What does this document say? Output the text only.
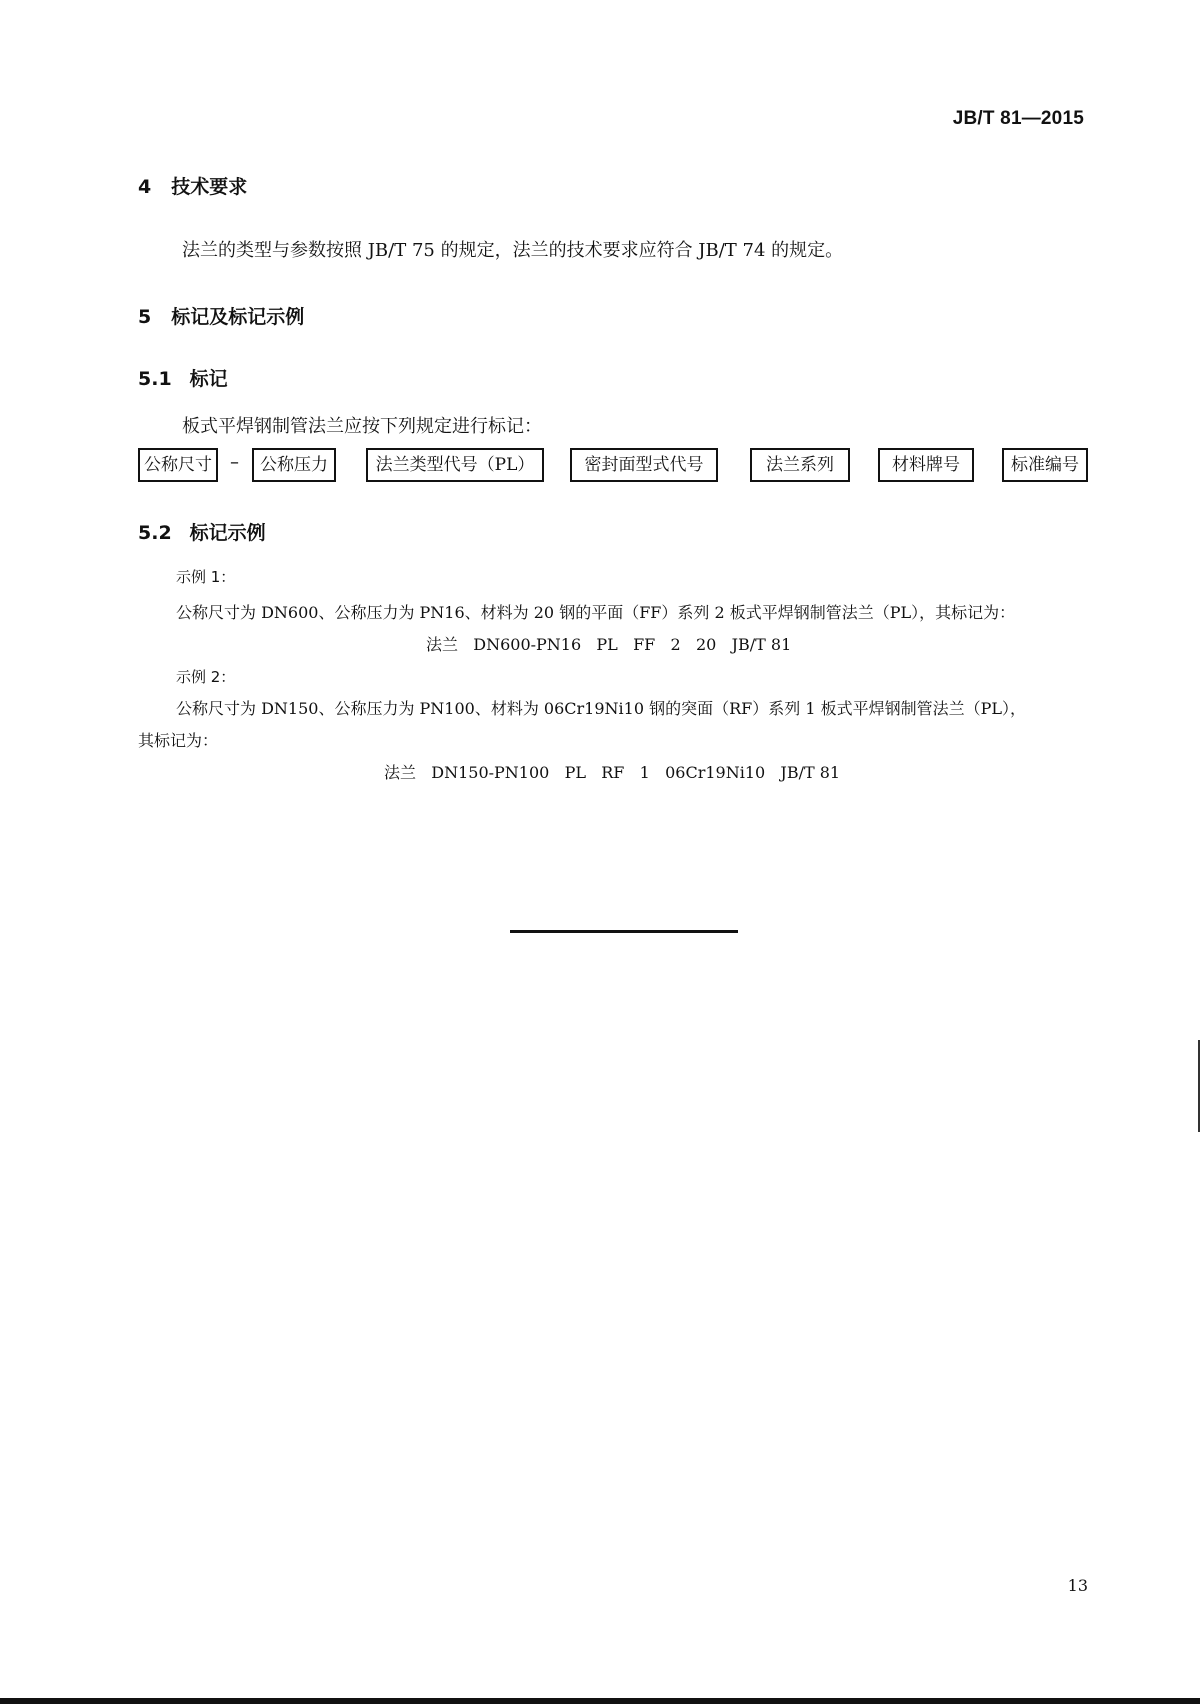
JB/T 81—2015
4 技术要求
法兰的类型与参数按照 JB/T 75 的规定，法兰的技术要求应符合 JB/T 74 的规定。
5 标记及标记示例
5.1 标记
板式平焊钢制管法兰应按下列规定进行标记：
公称尺寸	–	公称压力	法兰类型代号（PL）	密封面型式代号	法兰系列	材料牌号	标准编号
5.2 标记示例
示例 1：
公称尺寸为 DN600、公称压力为 PN16、材料为 20 钢的平面（FF）系列 2 板式平焊钢制管法兰（PL），其标记为：
法兰   DN600-PN16   PL   FF   2   20   JB/T 81
示例 2：
公称尺寸为 DN150、公称压力为 PN100、材料为 06Cr19Ni10 钢的突面（RF）系列 1 板式平焊钢制管法兰（PL），
其标记为：
法兰   DN150-PN100   PL   RF   1   06Cr19Ni10   JB/T 81
13
